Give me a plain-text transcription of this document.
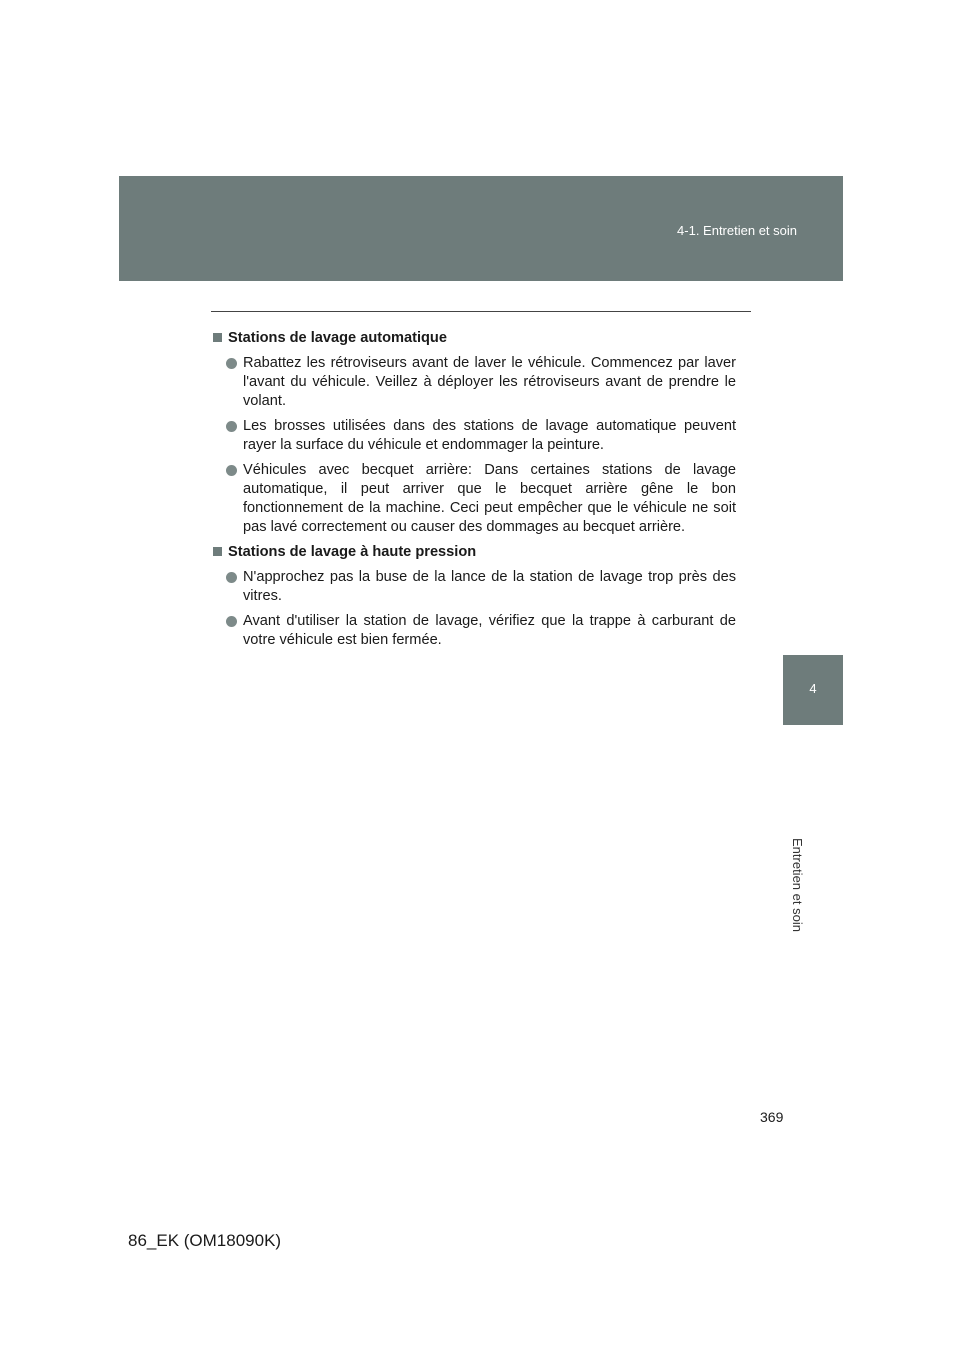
4-1. Entretien et soin
4
Entretien et soin
Stations de lavage automatique
Rabattez les rétroviseurs avant de laver le véhicule. Commencez par laver l'avant du véhicule. Veillez à déployer les rétroviseurs avant de prendre le volant.
Les brosses utilisées dans des stations de lavage automatique peuvent rayer la surface du véhicule et endommager la peinture.
Véhicules avec becquet arrière: Dans certaines stations de lavage automatique, il peut arriver que le becquet arrière gêne le bon fonctionnement de la machine. Ceci peut empêcher que le véhicule ne soit pas lavé correctement ou causer des dommages au becquet arrière.
Stations de lavage à haute pression
N'approchez pas la buse de la lance de la station de lavage trop près des vitres.
Avant d'utiliser la station de lavage, vérifiez que la trappe à carburant de votre véhicule est bien fermée.
369
86_EK (OM18090K)
